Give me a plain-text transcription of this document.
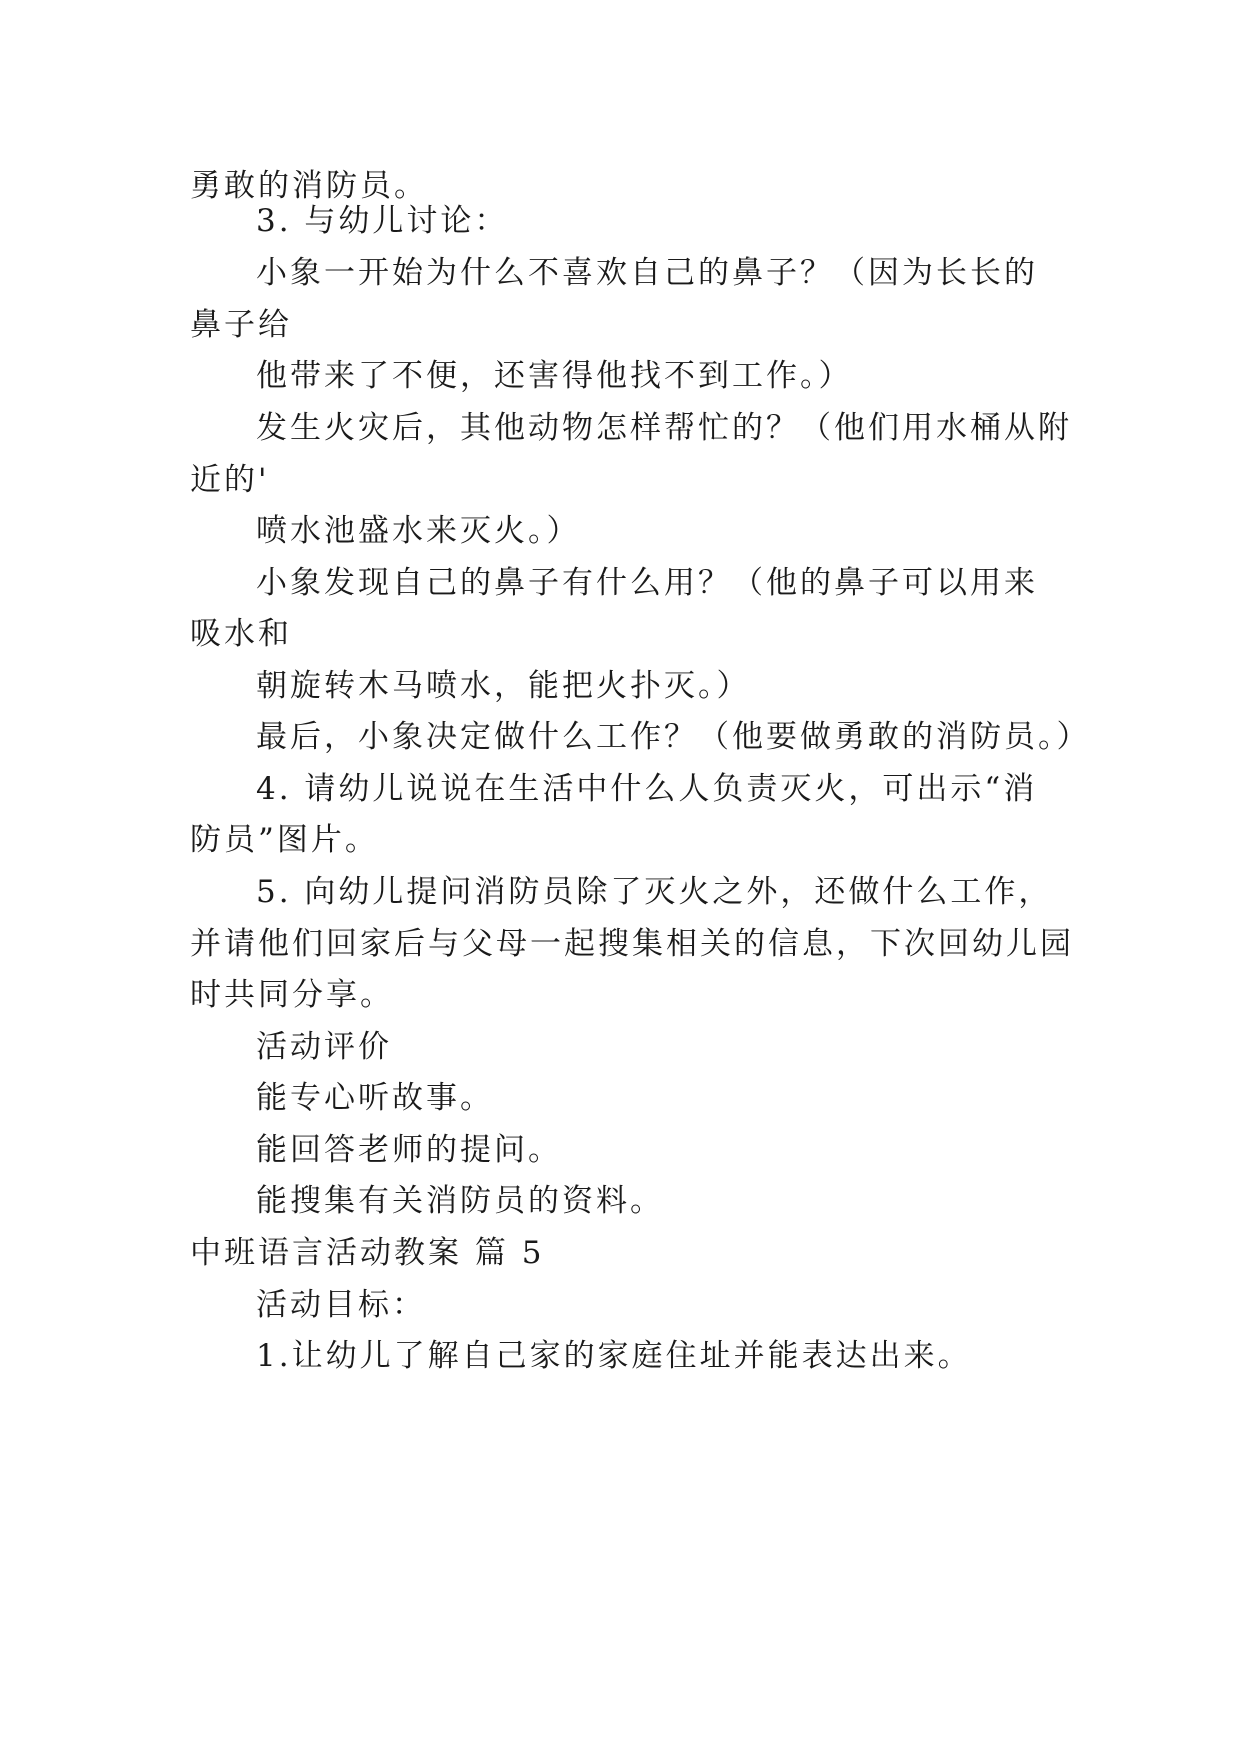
勇敢的消防员。
3. 与幼儿讨论：
小象一开始为什么不喜欢自己的鼻子？（因为长长的
鼻子给
他带来了不便，还害得他找不到工作。）
发生火灾后，其他动物怎样帮忙的？（他们用水桶从附
近的'
喷水池盛水来灭火。）
小象发现自己的鼻子有什么用？（他的鼻子可以用来
吸水和
朝旋转木马喷水，能把火扑灭。）
最后，小象决定做什么工作？（他要做勇敢的消防员。）
4. 请幼儿说说在生活中什么人负责灭火，可出示“消
防员”图片。
5. 向幼儿提问消防员除了灭火之外，还做什么工作，
并请他们回家后与父母一起搜集相关的信息，下次回幼儿园
时共同分享。
活动评价
能专心听故事。
能回答老师的提问。
能搜集有关消防员的资料。
中班语言活动教案 篇 5
活动目标：
1.让幼儿了解自己家的家庭住址并能表达出来。
